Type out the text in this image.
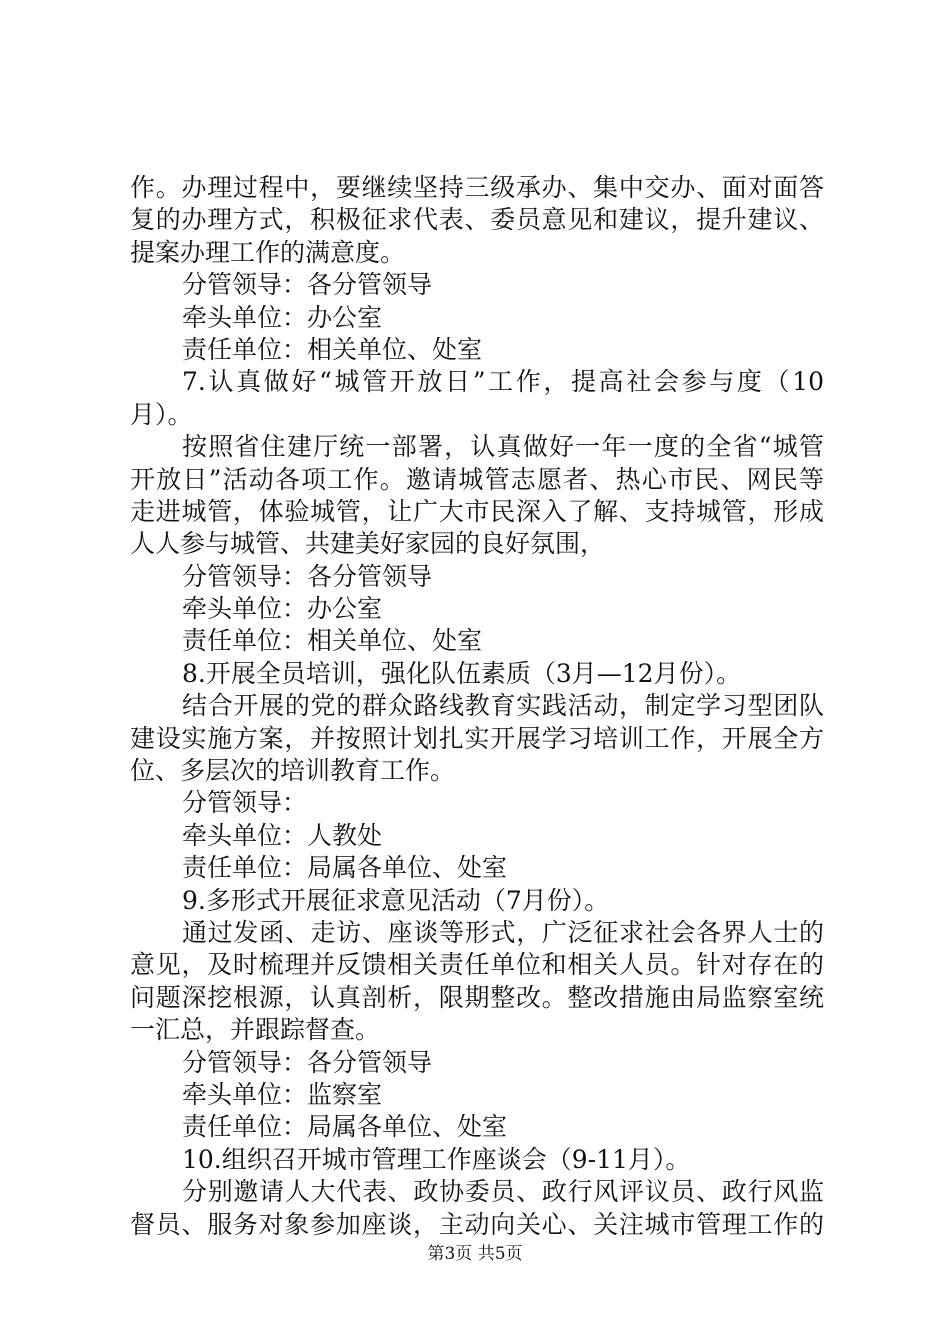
作。办理过程中，要继续坚持三级承办、集中交办、面对面答
复的办理方式，积极征求代表、委员意见和建议，提升建议、
提案办理工作的满意度。
分管领导：各分管领导
牵头单位：办公室
责任单位：相关单位、处室
7.认真做好“城管开放日”工作，提高社会参与度（10
月）。
按照省住建厅统一部署，认真做好一年一度的全省“城管
开放日”活动各项工作。邀请城管志愿者、热心市民、网民等
走进城管，体验城管，让广大市民深入了解、支持城管，形成
人人参与城管、共建美好家园的良好氛围，
分管领导：各分管领导
牵头单位：办公室
责任单位：相关单位、处室
8.开展全员培训，强化队伍素质（3月—12月份）。
结合开展的党的群众路线教育实践活动，制定学习型团队
建设实施方案，并按照计划扎实开展学习培训工作，开展全方
位、多层次的培训教育工作。
分管领导：
牵头单位：人教处
责任单位：局属各单位、处室
9.多形式开展征求意见活动（7月份）。
通过发函、走访、座谈等形式，广泛征求社会各界人士的
意见，及时梳理并反馈相关责任单位和相关人员。针对存在的
问题深挖根源，认真剖析，限期整改。整改措施由局监察室统
一汇总，并跟踪督查。
分管领导：各分管领导
牵头单位：监察室
责任单位：局属各单位、处室
10.组织召开城市管理工作座谈会（9-11月）。
分别邀请人大代表、政协委员、政行风评议员、政行风监
督员、服务对象参加座谈，主动向关心、关注城市管理工作的
第3页 共5页
